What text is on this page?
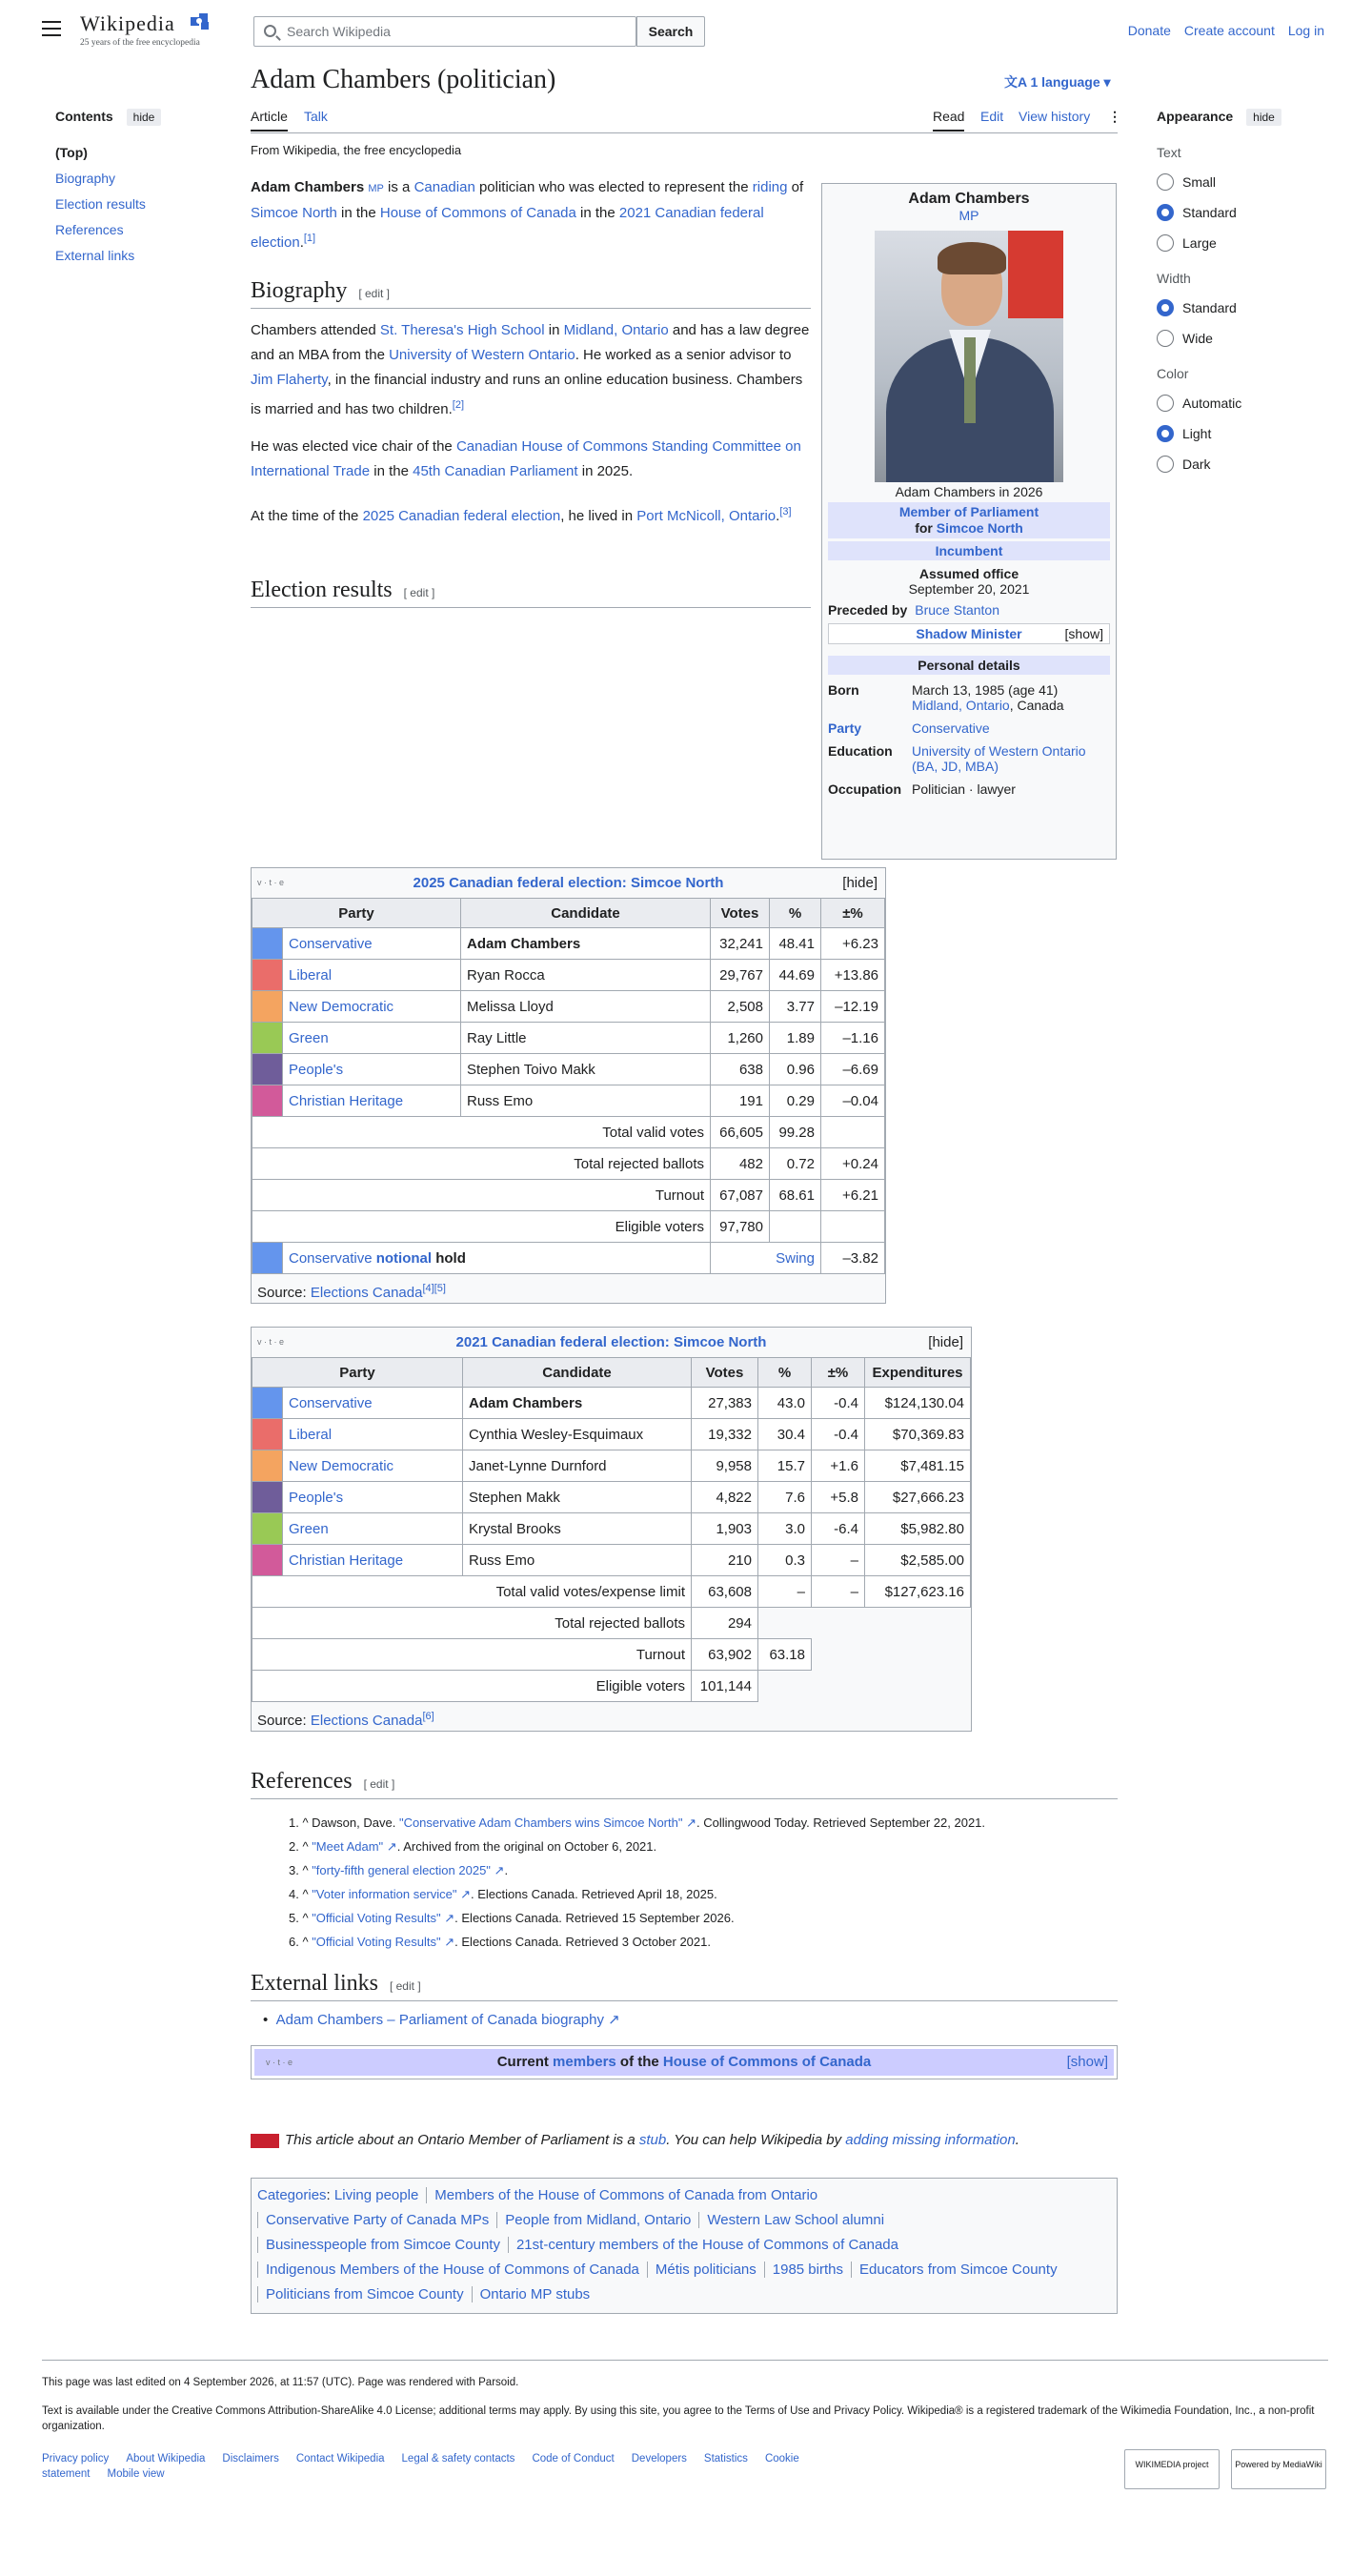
Wikipedia
25 years of the free encyclopedia
Search Wikipedia	Search	Donate Create account Log in
Contents hide
(Top)
Biography
Election results
References
External links
Appearance hide
Text
Small
Standard
Large
Width
Standard
Wide
Color
Automatic
Light
Dark
Adam Chambers (politician)	文A 1 language ▾
Article Talk	Read Edit View history ⋮
From Wikipedia, the free encyclopedia
Adam Chambers MP is a Canadian politician who was elected to represent the riding of Simcoe North in the House of Commons of Canada in the 2021 Canadian federal election.[1]
Biography [ edit ]
Chambers attended St. Theresa's High School in Midland, Ontario and has a law degree and an MBA from the University of Western Ontario. He worked as a senior advisor to Jim Flaherty, in the financial industry and runs an online education business. Chambers is married and has two children.[2]
He was elected vice chair of the Canadian House of Commons Standing Committee on International Trade in the 45th Canadian Parliament in 2025.
At the time of the 2025 Canadian federal election, he lived in Port McNicoll, Ontario.[3]
Election results [ edit ]
Adam Chambers
MP
Adam Chambers in 2026
Member of Parliament
for Simcoe North
Incumbent
Assumed office
September 20, 2021
Preceded by Bruce Stanton
Shadow Minister	[show]
Personal details
Born	March 13, 1985 (age 41)
Midland, Ontario, Canada
Party	Conservative
Education	University of Western Ontario
(BA, JD, MBA)
Occupation Politician · lawyer
v · t · e	2025 Canadian federal election: Simcoe North	[hide]
Party		Candidate	Votes	%	±%
	Conservative	Adam Chambers	32,241	48.41	+6.23
	Liberal	Ryan Rocca	29,767	44.69	+13.86
	New Democratic	Melissa Lloyd	2,508	3.77	–12.19
	Green	Ray Little	1,260	1.89	–1.16
	People's	Stephen Toivo Makk	638	0.96	–6.69
	Christian Heritage	Russ Emo	191	0.29	–0.04
Total valid votes			66,605	99.28	
Total rejected ballots			482	0.72	+0.24
Turnout			67,087	68.61	+6.21
Eligible voters			97,780		
	Conservative notional hold		Swing		–3.82
Source: Elections Canada[4][5]
v · t · e	2021 Canadian federal election: Simcoe North	[hide]
Party		Candidate	Votes	%	±%	Expenditures
	Conservative	Adam Chambers	27,383	43.0	-0.4	$124,130.04
	Liberal	Cynthia Wesley-Esquimaux	19,332	30.4	-0.4	$70,369.83
	New Democratic	Janet-Lynne Durnford	9,958	15.7	+1.6	$7,481.15
	People's	Stephen Makk	4,822	7.6	+5.8	$27,666.23
	Green	Krystal Brooks	1,903	3.0	-6.4	$5,982.80
	Christian Heritage	Russ Emo	210	0.3	–	$2,585.00
Total valid votes/expense limit			63,608	–	–	$127,623.16
Total rejected ballots			294			
Turnout			63,902	63.18		
Eligible voters			101,144			
Source: Elections Canada[6]
References [ edit ]
1. ^ Dawson, Dave. "Conservative Adam Chambers wins Simcoe North" ↗. Collingwood Today. Retrieved September 22, 2021.
2. ^ "Meet Adam" ↗. Archived from the original on October 6, 2021.
3. ^ "forty-fifth general election 2025" ↗.
4. ^ "Voter information service" ↗. Elections Canada. Retrieved April 18, 2025.
5. ^ "Official Voting Results" ↗. Elections Canada. Retrieved 15 September 2026.
6. ^ "Official Voting Results" ↗. Elections Canada. Retrieved 3 October 2021.
External links [ edit ]
•  Adam Chambers – Parliament of Canada biography ↗
v · t · e	Current members of the House of Commons of Canada	[show]
This article about an Ontario Member of Parliament is a stub. You can help Wikipedia by adding missing information.
Categories: Living people Members of the House of Commons of Canada from Ontario
Conservative Party of Canada MPs People from Midland, Ontario Western Law School alumni
Businesspeople from Simcoe County 21st-century members of the House of Commons of Canada
Indigenous Members of the House of Commons of Canada Métis politicians 1985 births Educators from Simcoe County
Politicians from Simcoe County Ontario MP stubs
This page was last edited on 4 September 2026, at 11:57 (UTC). Page was rendered with Parsoid.
Text is available under the Creative Commons Attribution-ShareAlike 4.0 License; additional terms may apply. By using this site, you agree to the Terms of Use and Privacy Policy. Wikipedia® is a registered trademark of the Wikimedia Foundation, Inc., a non-profit organization.
Privacy policy About Wikipedia Disclaimers Contact Wikipedia Legal & safety contacts Code of Conduct Developers Statistics Cookie statement Mobile view
WIKIMEDIA project	Powered by MediaWiki
